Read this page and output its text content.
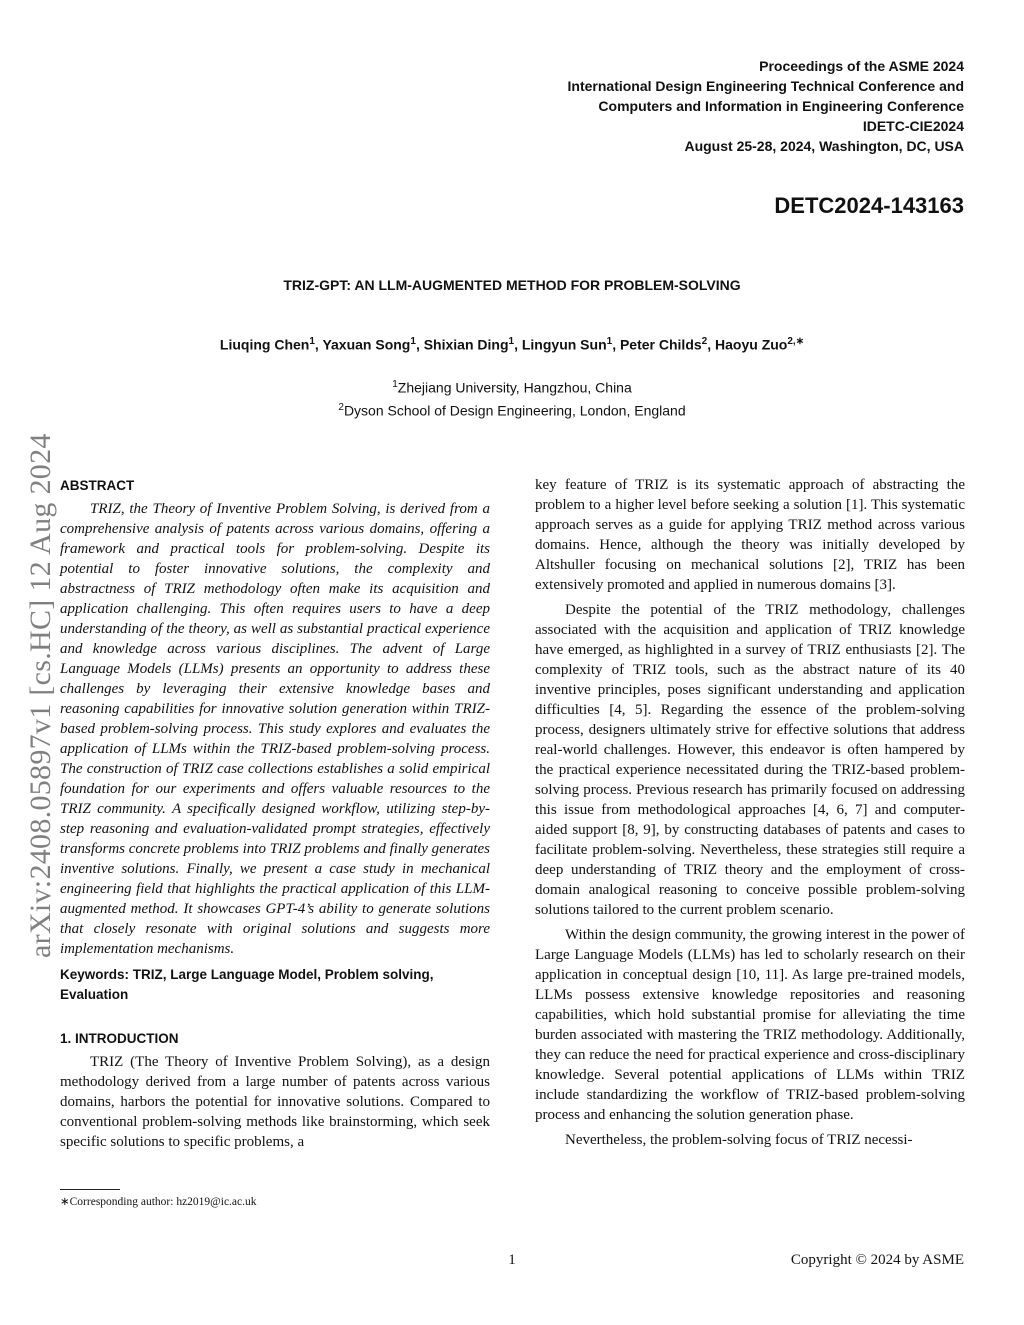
arXiv:2408.05897v1 [cs.HC] 12 Aug 2024
Proceedings of the ASME 2024
International Design Engineering Technical Conference and
Computers and Information in Engineering Conference
IDETC-CIE2024
August 25-28, 2024, Washington, DC, USA
DETC2024-143163
TRIZ-GPT: AN LLM-AUGMENTED METHOD FOR PROBLEM-SOLVING
Liuqing Chen$^1$, Yaxuan Song$^1$, Shixian Ding$^1$, Lingyun Sun$^1$, Peter Childs$^2$, Haoyu Zuo$^{2,∗}$
$^1$Zhejiang University, Hangzhou, China
$^2$Dyson School of Design Engineering, London, England
ABSTRACT

TRIZ, the Theory of Inventive Problem Solving, is derived from a comprehensive analysis of patents across various domains, offering a framework and practical tools for problem-solving. Despite its potential to foster innovative solutions, the complexity and abstractness of TRIZ methodology often make its acquisition and application challenging. This often requires users to have a deep understanding of the theory, as well as substantial practical experience and knowledge across various disciplines. The advent of Large Language Models (LLMs) presents an opportunity to address these challenges by leveraging their extensive knowledge bases and reasoning capabilities for innovative solution generation within TRIZ-based problem-solving process. This study explores and evaluates the application of LLMs within the TRIZ-based problem-solving process. The construction of TRIZ case collections establishes a solid empirical foundation for our experiments and offers valuable resources to the TRIZ community. A specifically designed workflow, utilizing step-by-step reasoning and evaluation-validated prompt strategies, effectively transforms concrete problems into TRIZ problems and finally generates inventive solutions. Finally, we present a case study in mechanical engineering field that highlights the practical application of this LLM-augmented method. It showcases GPT-4’s ability to generate solutions that closely resonate with original solutions and suggests more implementation mechanisms.

Keywords: TRIZ, Large Language Model, Problem solving, Evaluation

1. INTRODUCTION

TRIZ (The Theory of Inventive Problem Solving), as a design methodology derived from a large number of patents across various domains, harbors the potential for innovative solutions. Compared to conventional problem-solving methods like brainstorming, which seek specific solutions to specific problems, a

key feature of TRIZ is its systematic approach of abstracting the problem to a higher level before seeking a solution [1]. This systematic approach serves as a guide for applying TRIZ method across various domains. Hence, although the theory was initially developed by Altshuller focusing on mechanical solutions [2], TRIZ has been extensively promoted and applied in numerous domains [3].

Despite the potential of the TRIZ methodology, challenges associated with the acquisition and application of TRIZ knowledge have emerged, as highlighted in a survey of TRIZ enthusiasts [2]. The complexity of TRIZ tools, such as the abstract nature of its 40 inventive principles, poses significant understanding and application difficulties [4, 5]. Regarding the essence of the problem-solving process, designers ultimately strive for effective solutions that address real-world challenges. However, this endeavor is often hampered by the practical experience necessitated during the TRIZ-based problem-solving process. Previous research has primarily focused on addressing this issue from methodological approaches [4, 6, 7] and computer-aided support [8, 9], by constructing databases of patents and cases to facilitate problem-solving. Nevertheless, these strategies still require a deep understanding of TRIZ theory and the employment of cross-domain analogical reasoning to conceive possible problem-solving solutions tailored to the current problem scenario.

Within the design community, the growing interest in the power of Large Language Models (LLMs) has led to scholarly research on their application in conceptual design [10, 11]. As large pre-trained models, LLMs possess extensive knowledge repositories and reasoning capabilities, which hold substantial promise for alleviating the time burden associated with mastering the TRIZ methodology. Additionally, they can reduce the need for practical experience and cross-disciplinary knowledge. Several potential applications of LLMs within TRIZ include standardizing the workflow of TRIZ-based problem-solving process and enhancing the solution generation phase.

Nevertheless, the problem-solving focus of TRIZ necessi-

∗Corresponding author: hz2019@ic.ac.uk
1	Copyright © 2024 by ASME
